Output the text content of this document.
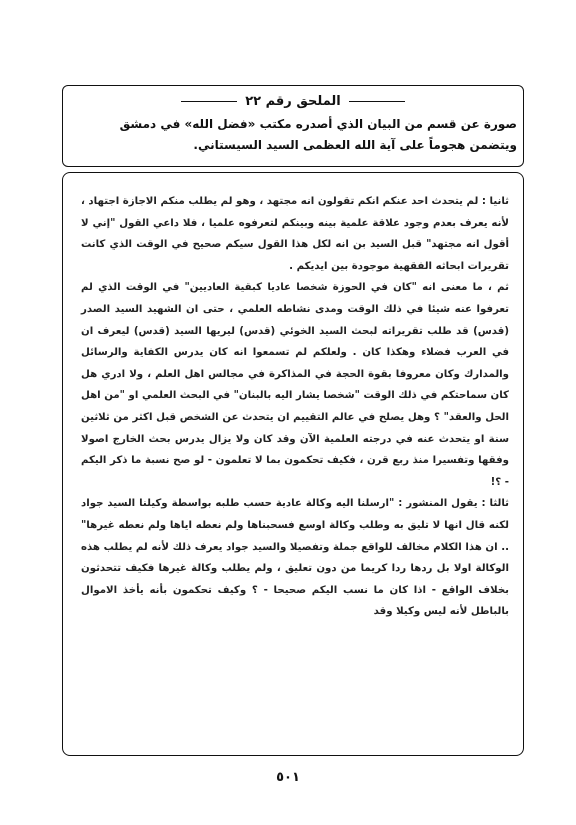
الملحق رقم ٢٢
صورة عن قسم من البيان الذي أصدره مكتب «فضل الله» في دمشق ويتضمن هجوماً على آية الله العظمى السيد السيستاني.

ثانيا : لم يتحدث احد عنكم انكم تقولون انه مجتهد ، وهو لم يطلب منكم الاجازة اجتهاد ، لأنه يعرف بعدم وجود علاقة علمية بينه وبينكم لتعرفوه علميا ، فلا داعي القول "إني لا أقول انه مجتهد" قبل السيد بن انه لكل هذا القول سيكم صحيح في الوقت الذي كانت تقريرات ابحاثه الفقهية موجودة بين ايديكم .

ثم ، ما معنى انه "كان في الحوزة شخصا عاديا كبقية العاديين" في الوقت الذي لم تعرفوا عنه شيئا في ذلك الوقت ومدى نشاطه العلمي ، حتى ان الشهيد السيد الصدر (قدس) قد طلب تقريراته لبحث السيد الخوئي (قدس) ليريها السيد (قدس) ليعرف ان في العرب فضلاء وهكذا كان . ولعلكم لم تسمعوا انه كان يدرس الكفاية والرسائل والمدارك وكان معروفا بقوة الحجة في المذاكرة في مجالس اهل العلم ، ولا ادري هل كان سماحتكم في ذلك الوقت "شخصا يشار اليه بالبنان" في البحث العلمي او "من اهل الحل والعقد" ؟ وهل يصلح في عالم التقييم ان يتحدث عن الشخص قبل اكثر من ثلاثين سنة او يتحدث عنه في درجته العلمية الآن وقد كان ولا يزال يدرس بحث الخارج اصولا وفقها وتفسيرا منذ ربع قرن ، فكيف تحكمون بما لا تعلمون - لو صح نسبة ما ذكر اليكم - ؟!

ثالثا : يقول المنشور : "ارسلنا اليه وكالة عادية حسب طلبه بواسطة وكيلنا السيد جواد لكنه قال انها لا تليق به وطلب وكالة اوسع فسحبناها ولم نعطه اياها ولم نعطه غيرها" .. ان هذا الكلام مخالف للواقع جملة وتفصيلا والسيد جواد يعرف ذلك لأنه لم يطلب هذه الوكالة اولا بل ردها ردا كريما من دون تعليق ، ولم يطلب وكالة غيرها فكيف تتحدثون بخلاف الواقع - اذا كان ما نسب اليكم صحيحا - ؟ وكيف تحكمون بأنه يأخذ الاموال بالباطل لأنه ليس وكيلا وقد

٥٠١
